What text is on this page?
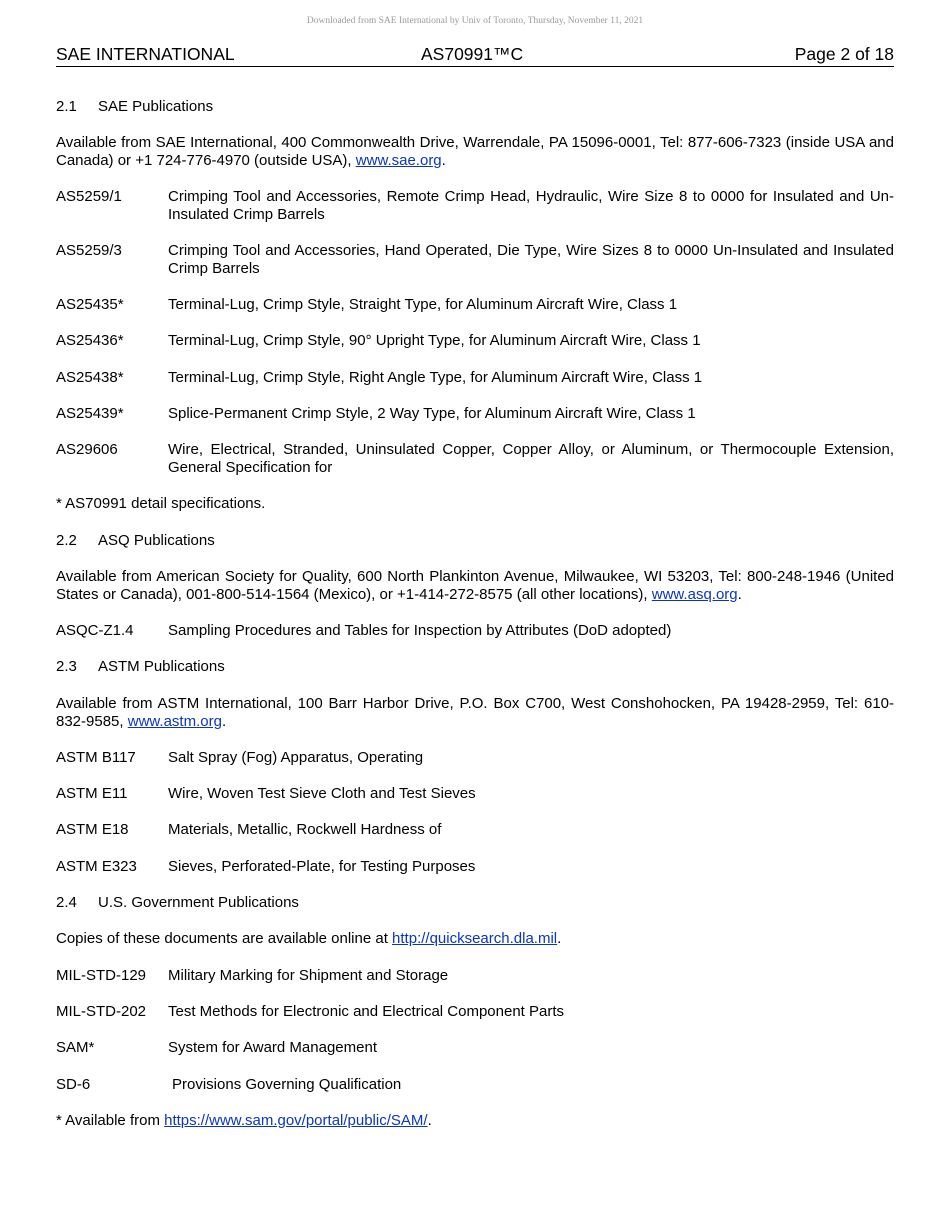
Downloaded from SAE International by Univ of Toronto, Thursday, November 11, 2021
SAE INTERNATIONAL	AS70991™C	Page 2 of 18
2.1 SAE Publications
Available from SAE International, 400 Commonwealth Drive, Warrendale, PA 15096-0001, Tel: 877-606-7323 (inside USA and Canada) or +1 724-776-4970 (outside USA), www.sae.org.
AS5259/1	Crimping Tool and Accessories, Remote Crimp Head, Hydraulic, Wire Size 8 to 0000 for Insulated and Un-Insulated Crimp Barrels
AS5259/3	Crimping Tool and Accessories, Hand Operated, Die Type, Wire Sizes 8 to 0000 Un-Insulated and Insulated Crimp Barrels
AS25435*	Terminal-Lug, Crimp Style, Straight Type, for Aluminum Aircraft Wire, Class 1
AS25436*	Terminal-Lug, Crimp Style, 90° Upright Type, for Aluminum Aircraft Wire, Class 1
AS25438*	Terminal-Lug, Crimp Style, Right Angle Type, for Aluminum Aircraft Wire, Class 1
AS25439*	Splice-Permanent Crimp Style, 2 Way Type, for Aluminum Aircraft Wire, Class 1
AS29606	Wire, Electrical, Stranded, Uninsulated Copper, Copper Alloy, or Aluminum, or Thermocouple Extension, General Specification for
* AS70991 detail specifications.
2.2 ASQ Publications
Available from American Society for Quality, 600 North Plankinton Avenue, Milwaukee, WI 53203, Tel: 800-248-1946 (United States or Canada), 001-800-514-1564 (Mexico), or +1-414-272-8575 (all other locations), www.asq.org.
ASQC-Z1.4 Sampling Procedures and Tables for Inspection by Attributes (DoD adopted)
2.3 ASTM Publications
Available from ASTM International, 100 Barr Harbor Drive, P.O. Box C700, West Conshohocken, PA 19428-2959, Tel: 610-832-9585, www.astm.org.
ASTM B117 Salt Spray (Fog) Apparatus, Operating
ASTM E11	Wire, Woven Test Sieve Cloth and Test Sieves
ASTM E18	Materials, Metallic, Rockwell Hardness of
ASTM E323 Sieves, Perforated-Plate, for Testing Purposes
2.4 U.S. Government Publications
Copies of these documents are available online at http://quicksearch.dla.mil.
MIL-STD-129 Military Marking for Shipment and Storage
MIL-STD-202 Test Methods for Electronic and Electrical Component Parts
SAM*	System for Award Management
SD-6	Provisions Governing Qualification
* Available from https://www.sam.gov/portal/public/SAM/.
